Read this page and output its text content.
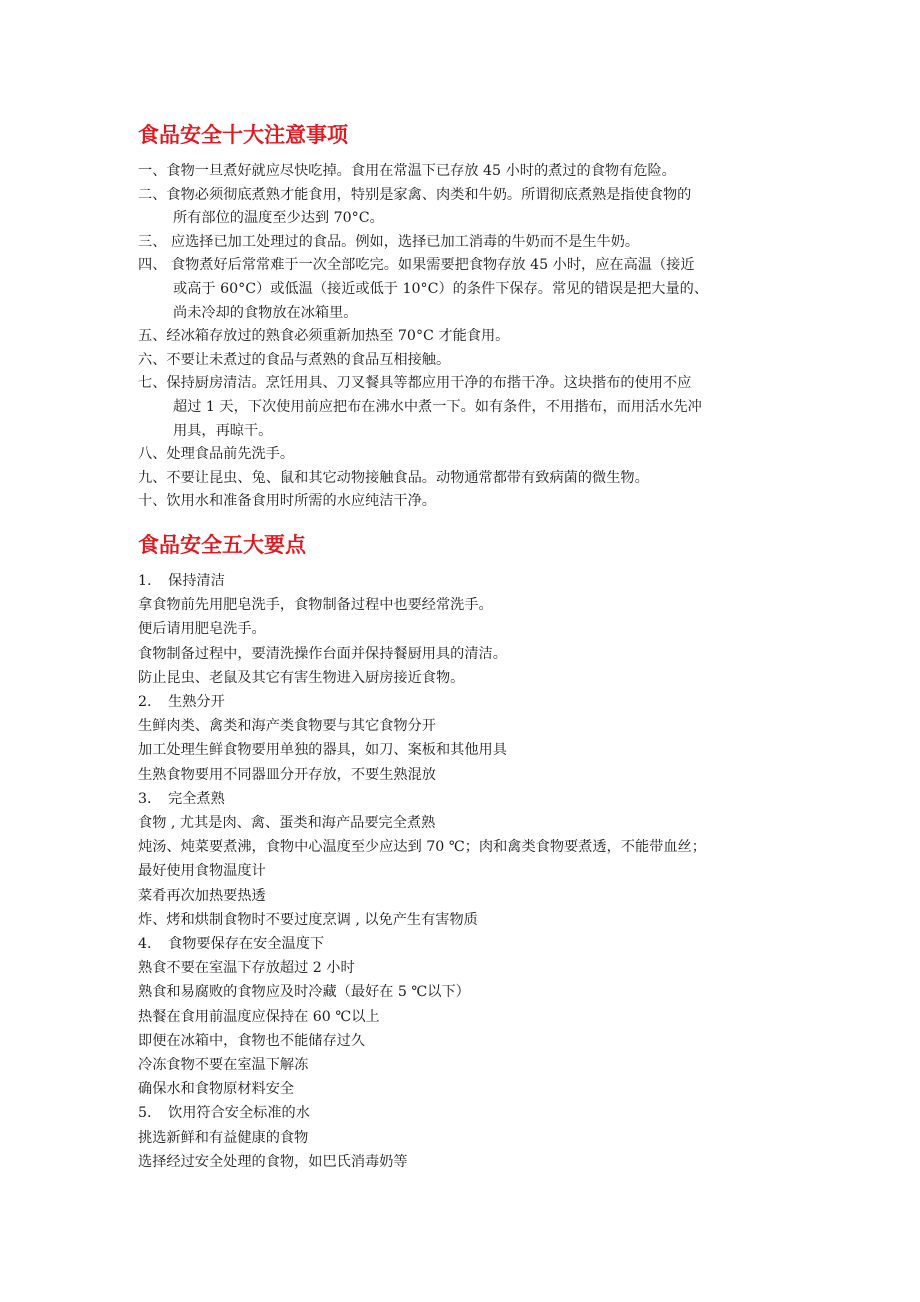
食品安全十大注意事项
一、食物一旦煮好就应尽快吃掉。食用在常温下已存放 45 小时的煮过的食物有危险。
二、食物必须彻底煮熟才能食用，特别是家禽、肉类和牛奶。所谓彻底煮熟是指使食物的
所有部位的温度至少达到 70°C。
三、 应选择已加工处理过的食品。例如，选择已加工消毒的牛奶而不是生牛奶。
四、 食物煮好后常常难于一次全部吃完。如果需要把食物存放 45 小时，应在高温（接近
或高于 60°C）或低温（接近或低于 10°C）的条件下保存。常见的错误是把大量的、
尚未冷却的食物放在冰箱里。
五、经冰箱存放过的熟食必须重新加热至 70°C 才能食用。
六、不要让未煮过的食品与煮熟的食品互相接触。
七、保持厨房清洁。烹饪用具、刀叉餐具等都应用干净的布揩干净。这块揩布的使用不应
超过 1 天，下次使用前应把布在沸水中煮一下。如有条件，不用揩布，而用活水先冲
用具，再晾干。
八、处理食品前先洗手。
九、不要让昆虫、兔、鼠和其它动物接触食品。动物通常都带有致病菌的微生物。
十、饮用水和准备食用时所需的水应纯洁干净。
食品安全五大要点
1. 保持清洁
拿食物前先用肥皂洗手，食物制备过程中也要经常洗手。
便后请用肥皂洗手。
食物制备过程中，要清洗操作台面并保持餐厨用具的清洁。
防止昆虫、老鼠及其它有害生物进入厨房接近食物。
2. 生熟分开
生鲜肉类、禽类和海产类食物要与其它食物分开
加工处理生鲜食物要用单独的器具，如刀、案板和其他用具
生熟食物要用不同器皿分开存放，不要生熟混放
3. 完全煮熟
食物 , 尤其是肉、禽、蛋类和海产品要完全煮熟
炖汤、炖菜要煮沸，食物中心温度至少应达到 70 ℃；肉和禽类食物要煮透，不能带血丝；
最好使用食物温度计
菜肴再次加热要热透
炸、烤和烘制食物时不要过度烹调 , 以免产生有害物质
4. 食物要保存在安全温度下
熟食不要在室温下存放超过 2 小时
熟食和易腐败的食物应及时冷藏（最好在 5 ℃以下）
热餐在食用前温度应保持在 60 ℃以上
即便在冰箱中，食物也不能储存过久
冷冻食物不要在室温下解冻
确保水和食物原材料安全
5. 饮用符合安全标准的水
挑选新鲜和有益健康的食物
选择经过安全处理的食物，如巴氏消毒奶等
